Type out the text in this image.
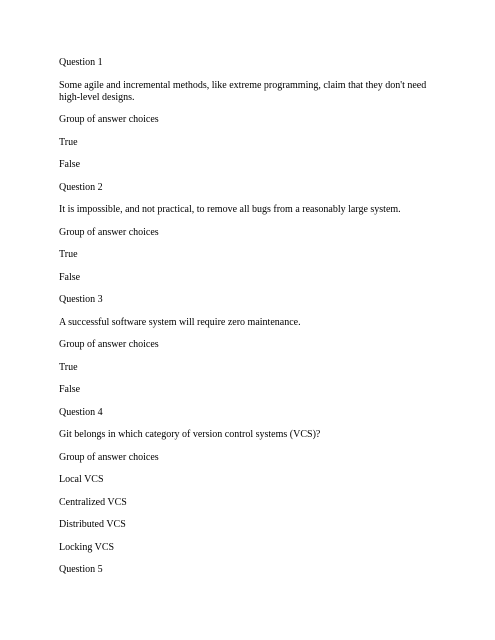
Question 1
Some agile and incremental methods, like extreme programming, claim that they don't need high-level designs.
Group of answer choices
True
False
Question 2
It is impossible, and not practical, to remove all bugs from a reasonably large system.
Group of answer choices
True
False
Question 3
A successful software system will require zero maintenance.
Group of answer choices
True
False
Question 4
Git belongs in which category of version control systems (VCS)?
Group of answer choices
Local VCS
Centralized VCS
Distributed VCS
Locking VCS
Question 5
